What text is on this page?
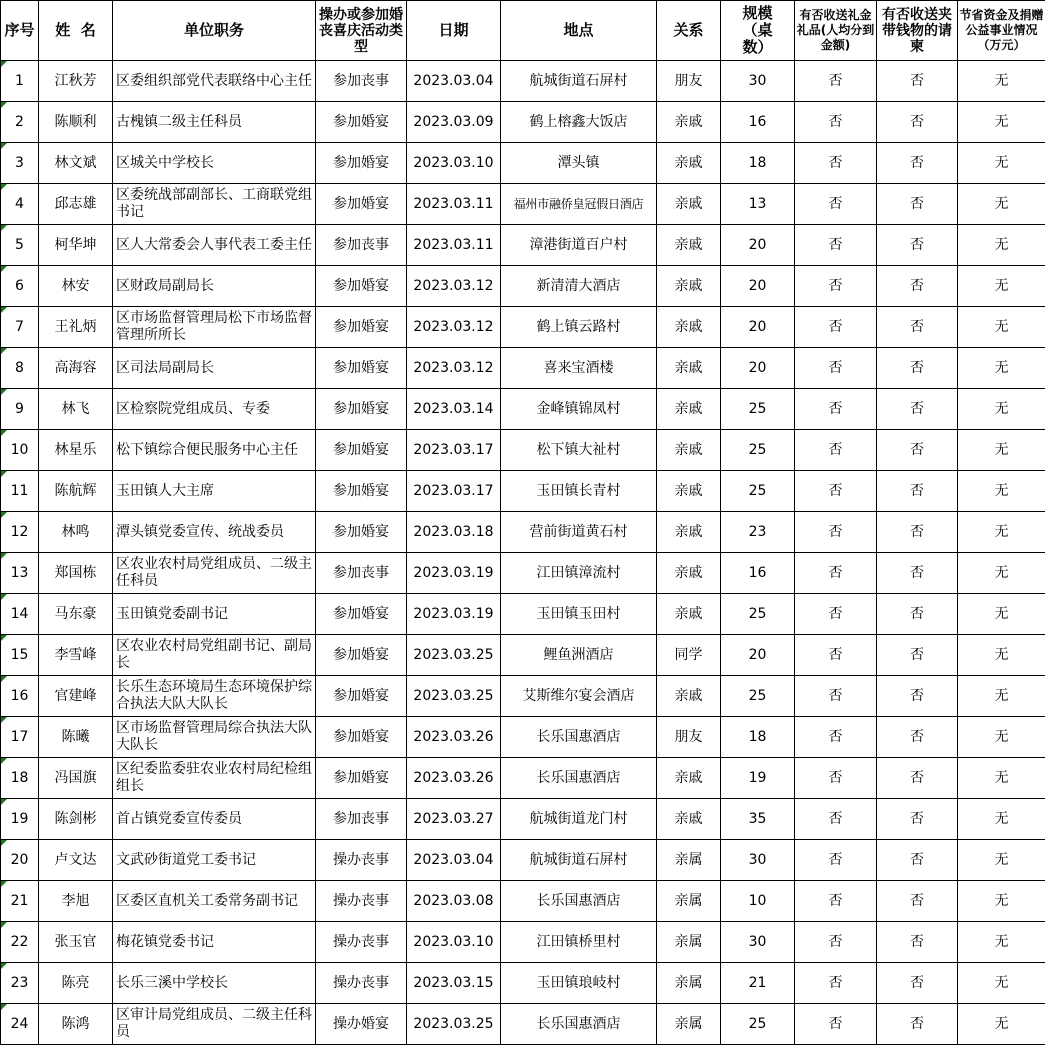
序号	姓  名	单位职务	操办或参加婚丧喜庆活动类型	日期	地点	关系	规模（桌数）	有否收送礼金礼品(人均分到金额)	有否收送夹带钱物的请柬	节省资金及捐赠公益事业情况（万元）
1	江秋芳	区委组织部党代表联络中心主任	参加丧事	2023.03.04	航城街道石屏村	朋友	30	否	否	无
2	陈顺利	古槐镇二级主任科员	参加婚宴	2023.03.09	鹤上榕鑫大饭店	亲戚	16	否	否	无
3	林文斌	区城关中学校长	参加婚宴	2023.03.10	潭头镇	亲戚	18	否	否	无
4	邱志雄	区委统战部副部长、工商联党组书记	参加婚宴	2023.03.11	福州市融侨皇冠假日酒店	亲戚	13	否	否	无
5	柯华坤	区人大常委会人事代表工委主任	参加丧事	2023.03.11	漳港街道百户村	亲戚	20	否	否	无
6	林安	区财政局副局长	参加婚宴	2023.03.12	新清清大酒店	亲戚	20	否	否	无
7	王礼炳	区市场监督管理局松下市场监督管理所所长	参加婚宴	2023.03.12	鹤上镇云路村	亲戚	20	否	否	无
8	高海容	区司法局副局长	参加婚宴	2023.03.12	喜来宝酒楼	亲戚	20	否	否	无
9	林飞	区检察院党组成员、专委	参加婚宴	2023.03.14	金峰镇锦凤村	亲戚	25	否	否	无
10	林星乐	松下镇综合便民服务中心主任	参加婚宴	2023.03.17	松下镇大祉村	亲戚	25	否	否	无
11	陈航辉	玉田镇人大主席	参加婚宴	2023.03.17	玉田镇长青村	亲戚	25	否	否	无
12	林鸣	潭头镇党委宣传、统战委员	参加婚宴	2023.03.18	营前街道黄石村	亲戚	23	否	否	无
13	郑国栋	区农业农村局党组成员、二级主任科员	参加丧事	2023.03.19	江田镇漳流村	亲戚	16	否	否	无
14	马东豪	玉田镇党委副书记	参加婚宴	2023.03.19	玉田镇玉田村	亲戚	25	否	否	无
15	李雪峰	区农业农村局党组副书记、副局长	参加婚宴	2023.03.25	鲤鱼洲酒店	同学	20	否	否	无
16	官建峰	长乐生态环境局生态环境保护综合执法大队大队长	参加婚宴	2023.03.25	艾斯维尔宴会酒店	亲戚	25	否	否	无
17	陈曦	区市场监督管理局综合执法大队大队长	参加婚宴	2023.03.26	长乐国惠酒店	朋友	18	否	否	无
18	冯国旗	区纪委监委驻农业农村局纪检组组长	参加婚宴	2023.03.26	长乐国惠酒店	亲戚	19	否	否	无
19	陈剑彬	首占镇党委宣传委员	参加丧事	2023.03.27	航城街道龙门村	亲戚	35	否	否	无
20	卢文达	文武砂街道党工委书记	操办丧事	2023.03.04	航城街道石屏村	亲属	30	否	否	无
21	李旭	区委区直机关工委常务副书记	操办丧事	2023.03.08	长乐国惠酒店	亲属	10	否	否	无
22	张玉官	梅花镇党委书记	操办丧事	2023.03.10	江田镇桥里村	亲属	30	否	否	无
23	陈亮	长乐三溪中学校长	操办丧事	2023.03.15	玉田镇琅岐村	亲属	21	否	否	无
24	陈鸿	区审计局党组成员、二级主任科员	操办婚宴	2023.03.25	长乐国惠酒店	亲属	25	否	否	无
